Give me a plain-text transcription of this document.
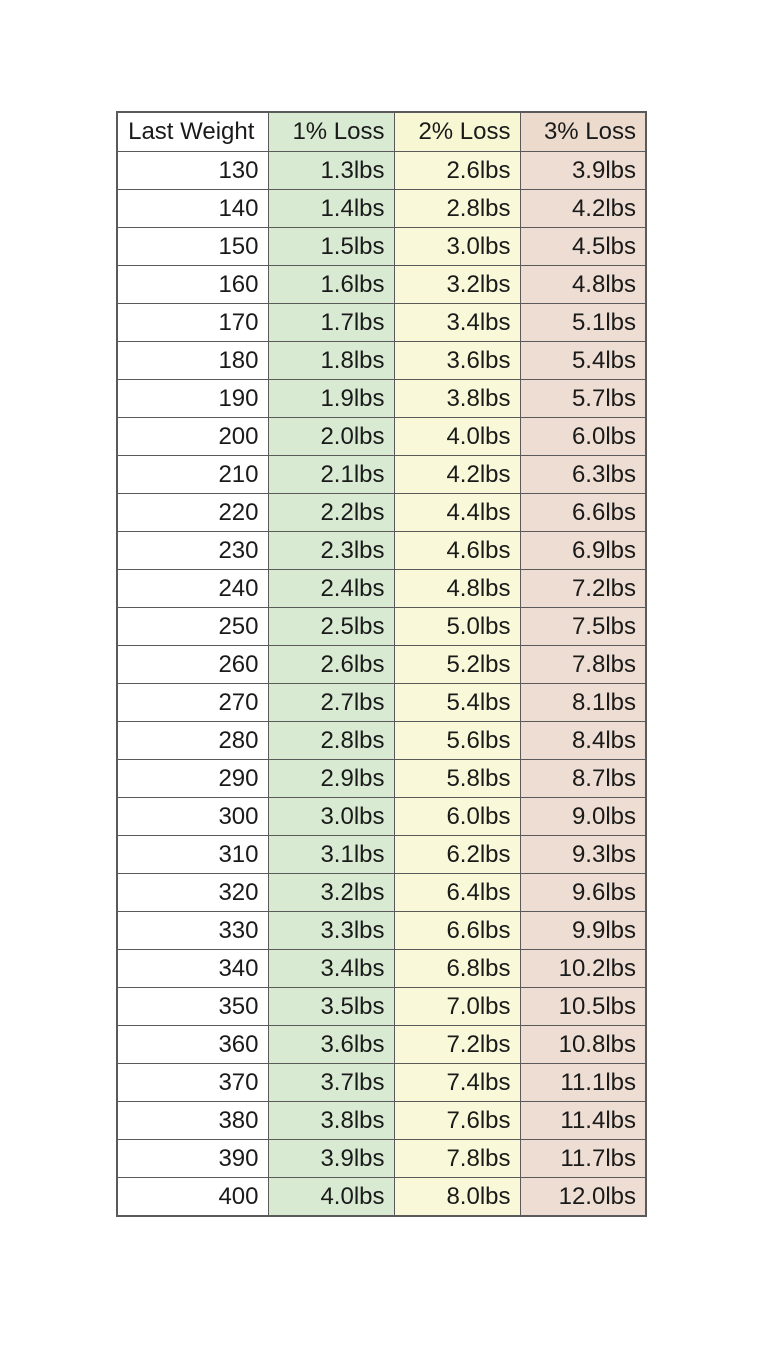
Last Weight	1% Loss	2% Loss	3% Loss
130	1.3lbs	2.6lbs	3.9lbs
140	1.4lbs	2.8lbs	4.2lbs
150	1.5lbs	3.0lbs	4.5lbs
160	1.6lbs	3.2lbs	4.8lbs
170	1.7lbs	3.4lbs	5.1lbs
180	1.8lbs	3.6lbs	5.4lbs
190	1.9lbs	3.8lbs	5.7lbs
200	2.0lbs	4.0lbs	6.0lbs
210	2.1lbs	4.2lbs	6.3lbs
220	2.2lbs	4.4lbs	6.6lbs
230	2.3lbs	4.6lbs	6.9lbs
240	2.4lbs	4.8lbs	7.2lbs
250	2.5lbs	5.0lbs	7.5lbs
260	2.6lbs	5.2lbs	7.8lbs
270	2.7lbs	5.4lbs	8.1lbs
280	2.8lbs	5.6lbs	8.4lbs
290	2.9lbs	5.8lbs	8.7lbs
300	3.0lbs	6.0lbs	9.0lbs
310	3.1lbs	6.2lbs	9.3lbs
320	3.2lbs	6.4lbs	9.6lbs
330	3.3lbs	6.6lbs	9.9lbs
340	3.4lbs	6.8lbs	10.2lbs
350	3.5lbs	7.0lbs	10.5lbs
360	3.6lbs	7.2lbs	10.8lbs
370	3.7lbs	7.4lbs	11.1lbs
380	3.8lbs	7.6lbs	11.4lbs
390	3.9lbs	7.8lbs	11.7lbs
400	4.0lbs	8.0lbs	12.0lbs
